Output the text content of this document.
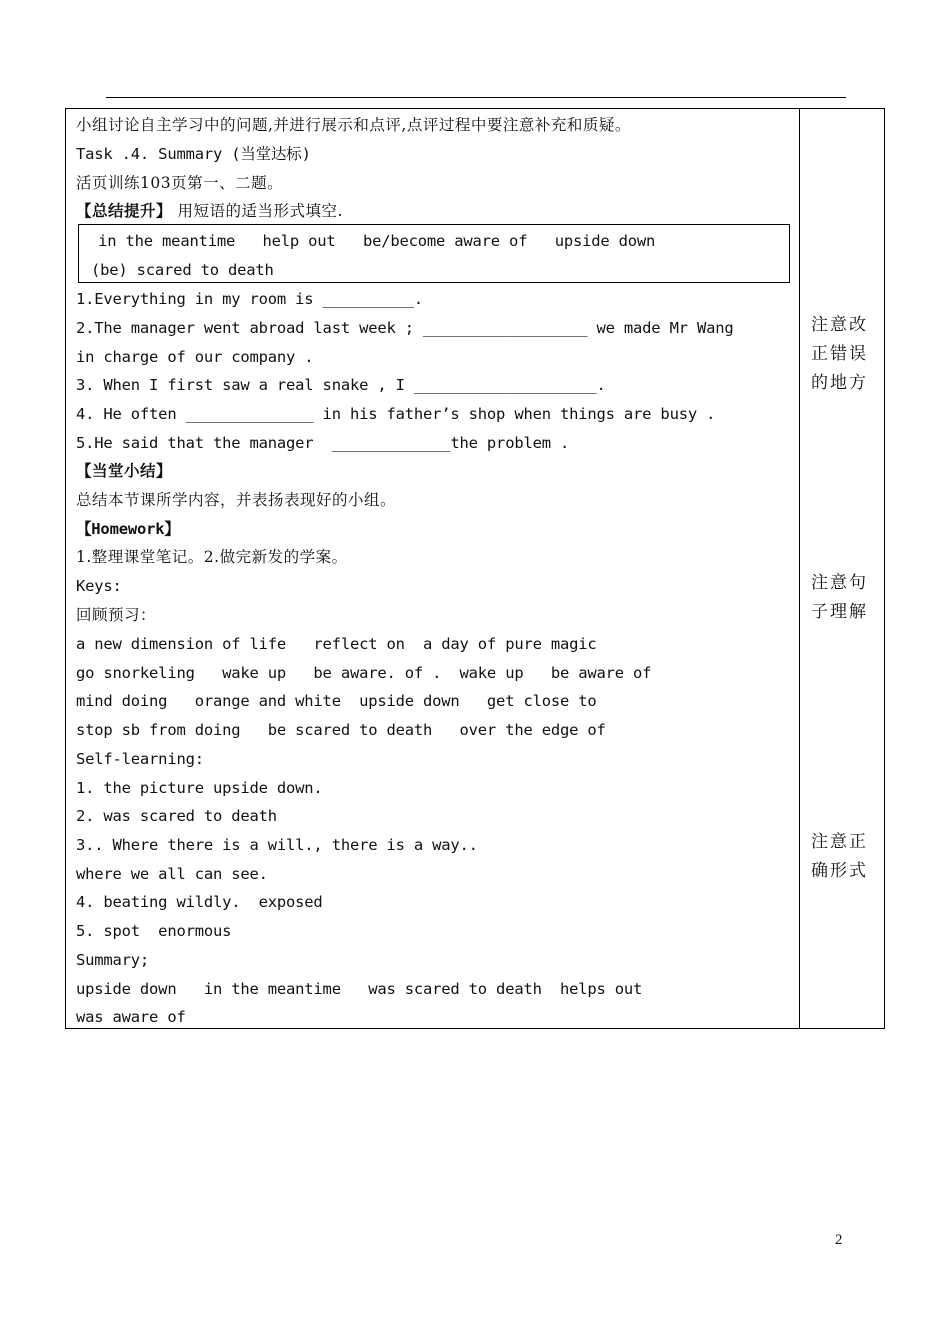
小组讨论自主学习中的问题,并进行展示和点评,点评过程中要注意补充和质疑。
Task .4. Summary (当堂达标)
活页训练103页第一、二题。
【总结提升】 用短语的适当形式填空.
in the meantime   help out   be/become aware of   upside down
(be) scared to death
1.Everything in my room is __________.
2.The manager went abroad last week ; __________________ we made Mr Wang
in charge of our company .
3. When I first saw a real snake , I ____________________.
4. He often ______________ in his father’s shop when things are busy .
5.He said that the manager  _____________the problem .
【当堂小结】
总结本节课所学内容，并表扬表现好的小组。
【Homework】
1.整理课堂笔记。2.做完新发的学案。
Keys:
回顾预习：
a new dimension of life   reflect on  a day of pure magic
go snorkeling   wake up   be aware. of .  wake up   be aware of
mind doing   orange and white  upside down   get close to
stop sb from doing   be scared to death   over the edge of
Self-learning:
1. the picture upside down.
2. was scared to death
3.. Where there is a will., there is a way..
where we all can see.
4. beating wildly.  exposed
5. spot  enormous
Summary;
upside down   in the meantime   was scared to death  helps out
was aware of
注意改正错误的地方
注意句子理解
注意正确形式
2
